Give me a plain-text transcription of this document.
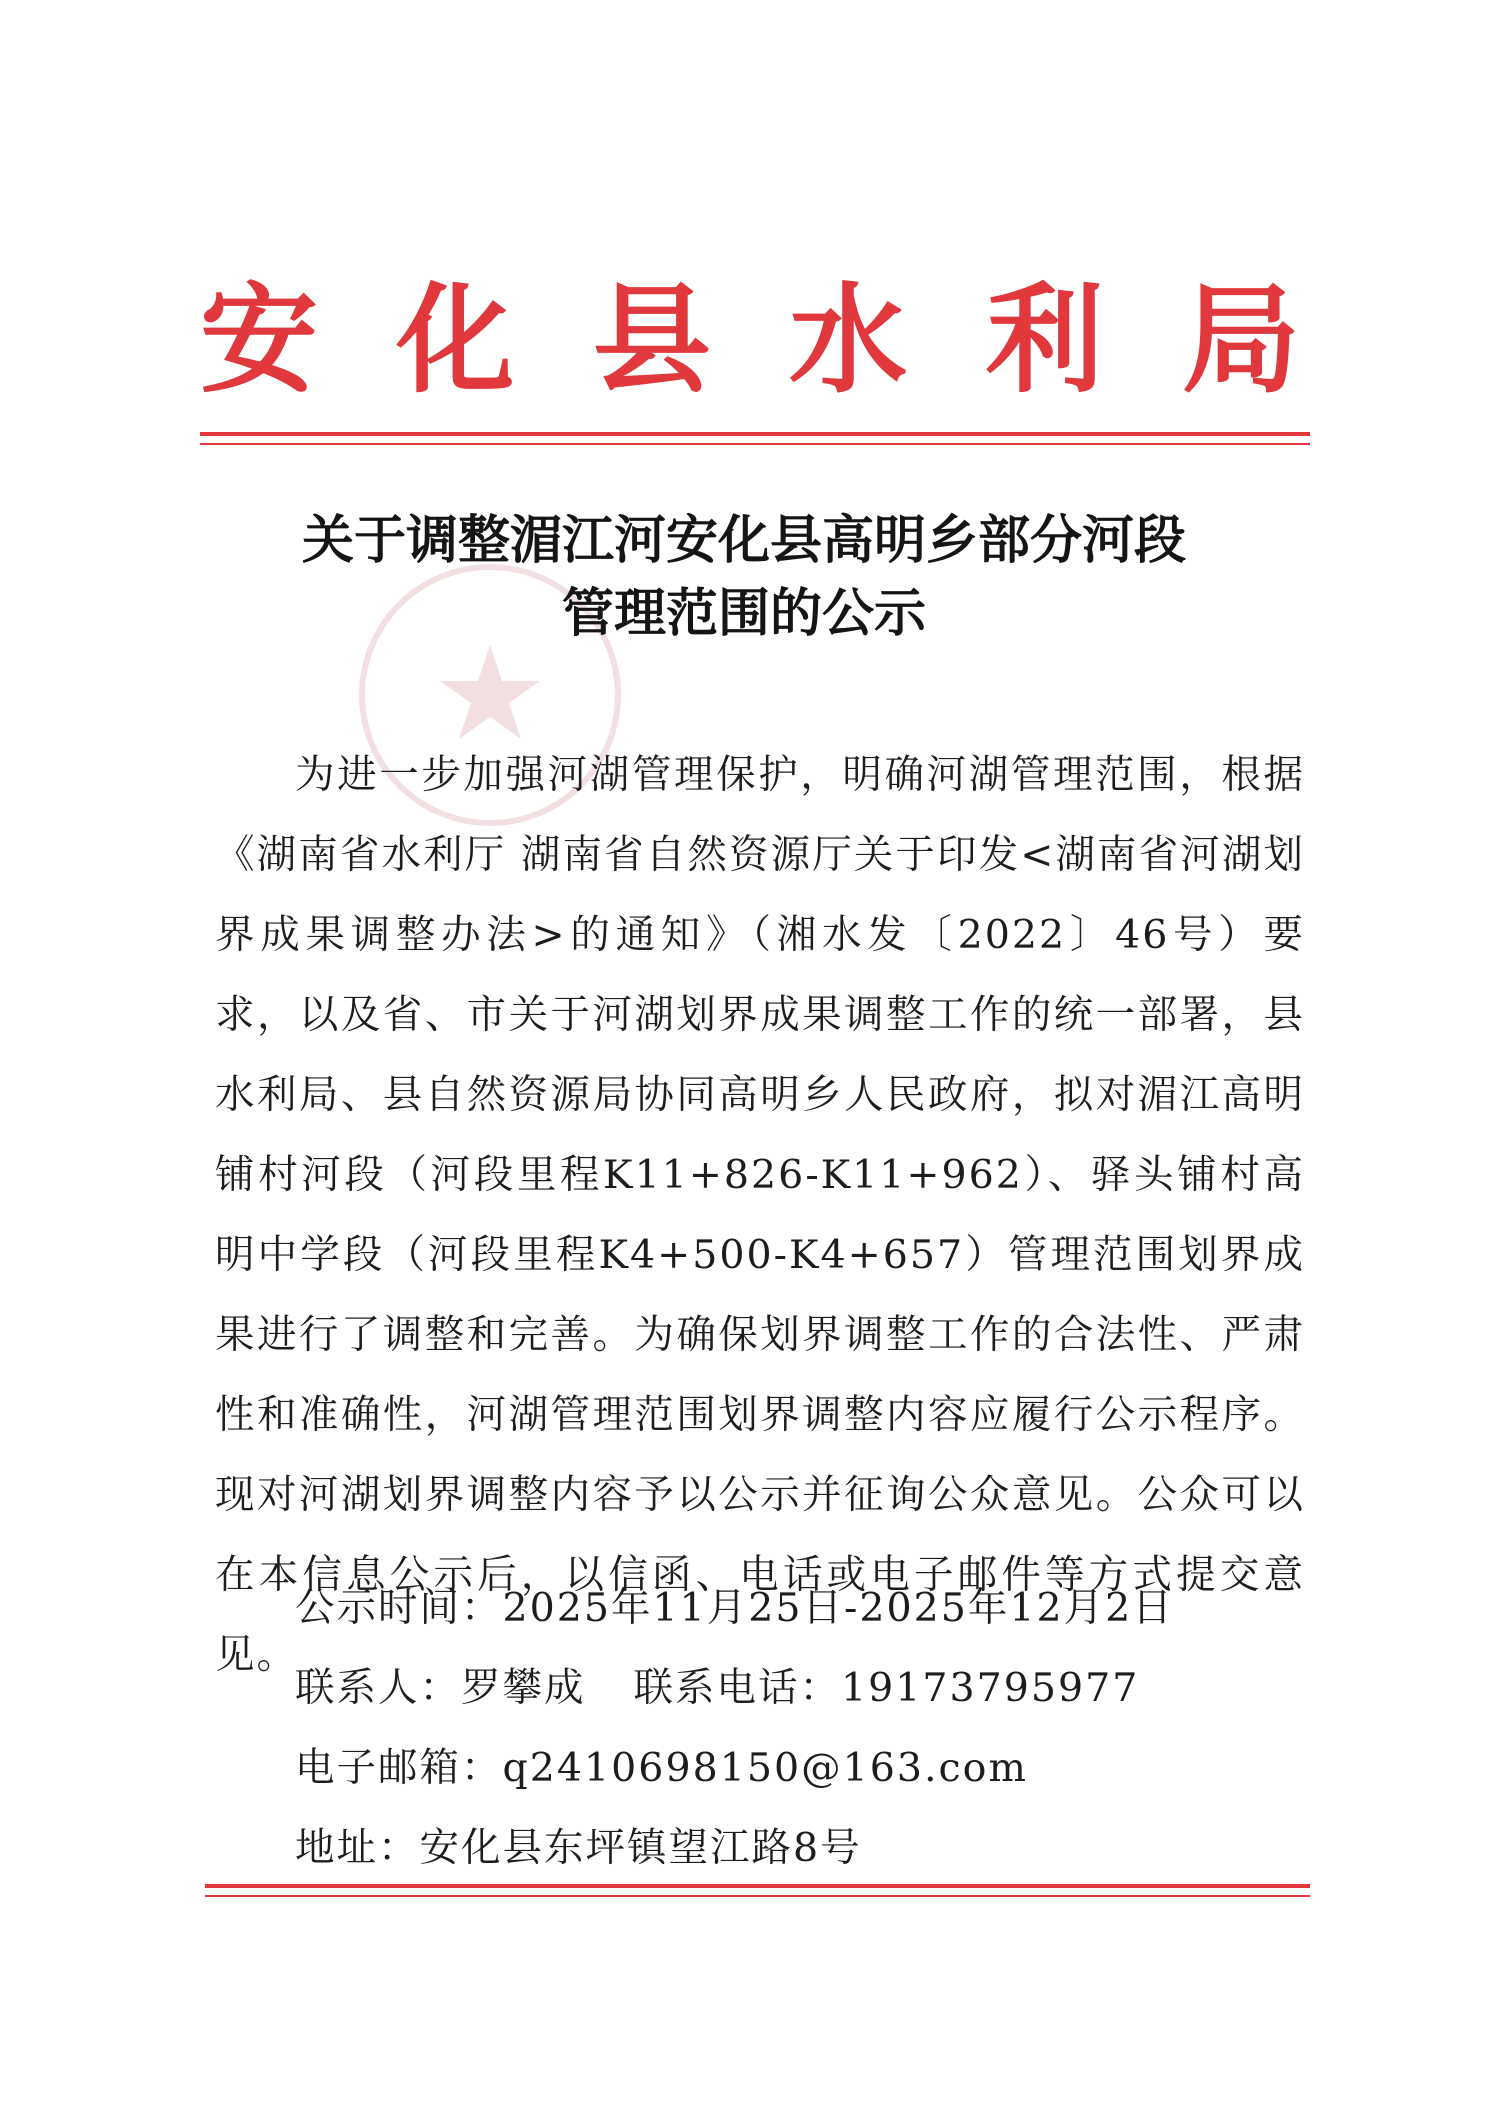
安 化 县 水 利 局
关于调整湄江河安化县高明乡部分河段
管理范围的公示
为进一步加强河湖管理保护，明确河湖管理范围，根据《湖南省水利厅 湖南省自然资源厅关于印发<湖南省河湖划界成果调整办法>的通知》（湘水发〔2022〕46号）要求，以及省、市关于河湖划界成果调整工作的统一部署，县水利局、县自然资源局协同高明乡人民政府，拟对湄江高明铺村河段（河段里程K11+826-K11+962）、驿头铺村高明中学段（河段里程K4+500-K4+657）管理范围划界成果进行了调整和完善。为确保划界调整工作的合法性、严肃性和准确性，河湖管理范围划界调整内容应履行公示程序。现对河湖划界调整内容予以公示并征询公众意见。公众可以在本信息公示后，以信函、电话或电子邮件等方式提交意见。
公示时间：2025年11月25日-2025年12月2日
联系人：罗攀成 联系电话：19173795977
电子邮箱：q2410698150@163.com
地址：安化县东坪镇望江路8号
